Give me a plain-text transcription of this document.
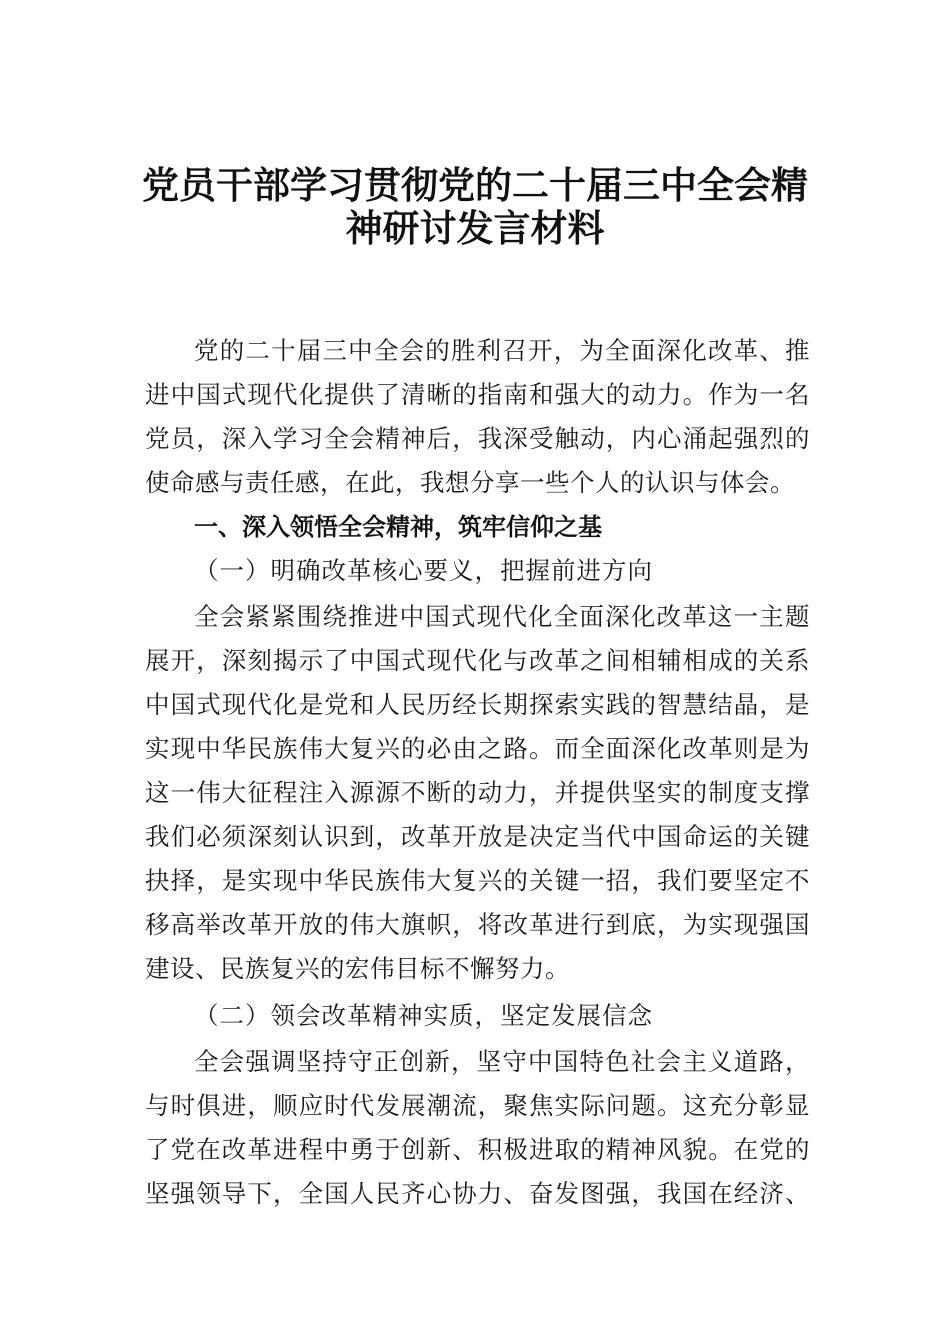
党员干部学习贯彻党的二十届三中全会精
神研讨发言材料
党的二十届三中全会的胜利召开，为全面深化改革、推
进中国式现代化提供了清晰的指南和强大的动力。作为一名
党员，深入学习全会精神后，我深受触动，内心涌起强烈的
使命感与责任感，在此，我想分享一些个人的认识与体会。
一、深入领悟全会精神，筑牢信仰之基
（一）明确改革核心要义，把握前进方向
全会紧紧围绕推进中国式现代化全面深化改革这一主题
展开，深刻揭示了中国式现代化与改革之间相辅相成的关系
中国式现代化是党和人民历经长期探索实践的智慧结晶，是
实现中华民族伟大复兴的必由之路。而全面深化改革则是为
这一伟大征程注入源源不断的动力，并提供坚实的制度支撑
我们必须深刻认识到，改革开放是决定当代中国命运的关键
抉择，是实现中华民族伟大复兴的关键一招，我们要坚定不
移高举改革开放的伟大旗帜，将改革进行到底，为实现强国
建设、民族复兴的宏伟目标不懈努力。
（二）领会改革精神实质，坚定发展信念
全会强调坚持守正创新，坚守中国特色社会主义道路，
与时俱进，顺应时代发展潮流，聚焦实际问题。这充分彰显
了党在改革进程中勇于创新、积极进取的精神风貌。在党的
坚强领导下，全国人民齐心协力、奋发图强，我国在经济、
